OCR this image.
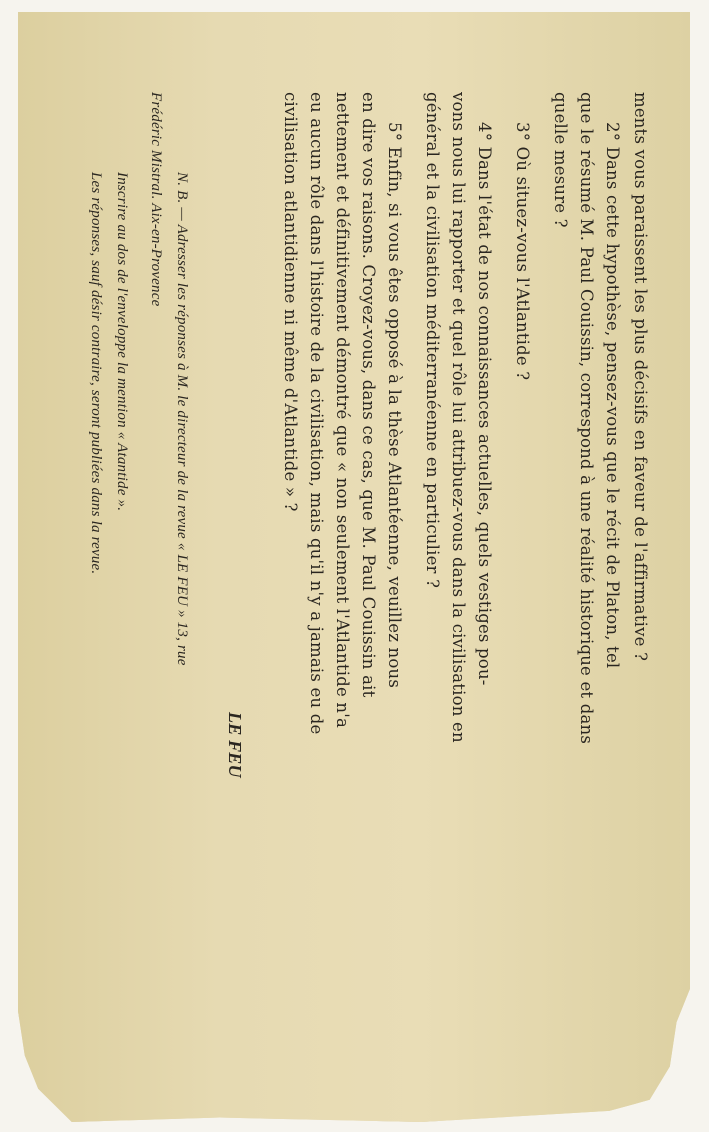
ments vous paraissent les plus décisifs en faveur de l'affirmative ?
2° Dans cette hypothèse, pensez-vous que le récit de Platon, tel
que le résumé M. Paul Couissin, correspond à une réalité historique et dans
quelle mesure ?
3° Où situez-vous l'Atlantide ?
4° Dans l'état de nos connaissances actuelles, quels vestiges pou-
vons nous lui rapporter et quel rôle lui attribuez-vous dans la civilisation en
général et la civilisation méditerranéenne en particulier ?
5° Enfin, si vous êtes opposé à la thèse Atlantéenne, veuillez nous
en dire vos raisons. Croyez-vous, dans ce cas, que M. Paul Couissin ait
nettement et définitivement démontré que « non seulement l'Atlantide n'a
eu aucun rôle dans l'histoire de la civilisation, mais qu'il n'y a jamais eu de
civilisation atlantidienne ni même d'Atlantide » ?
LE FEU
N. B. — Adresser les réponses à M. le directeur de la revue « LE FEU » 13, rue
Frédéric Mistral. Aix-en-Provence
Inscrire au dos de l'enveloppe la mention « Atantide ».
Les réponses, sauf désir contraire, seront publiées dans la revue.
